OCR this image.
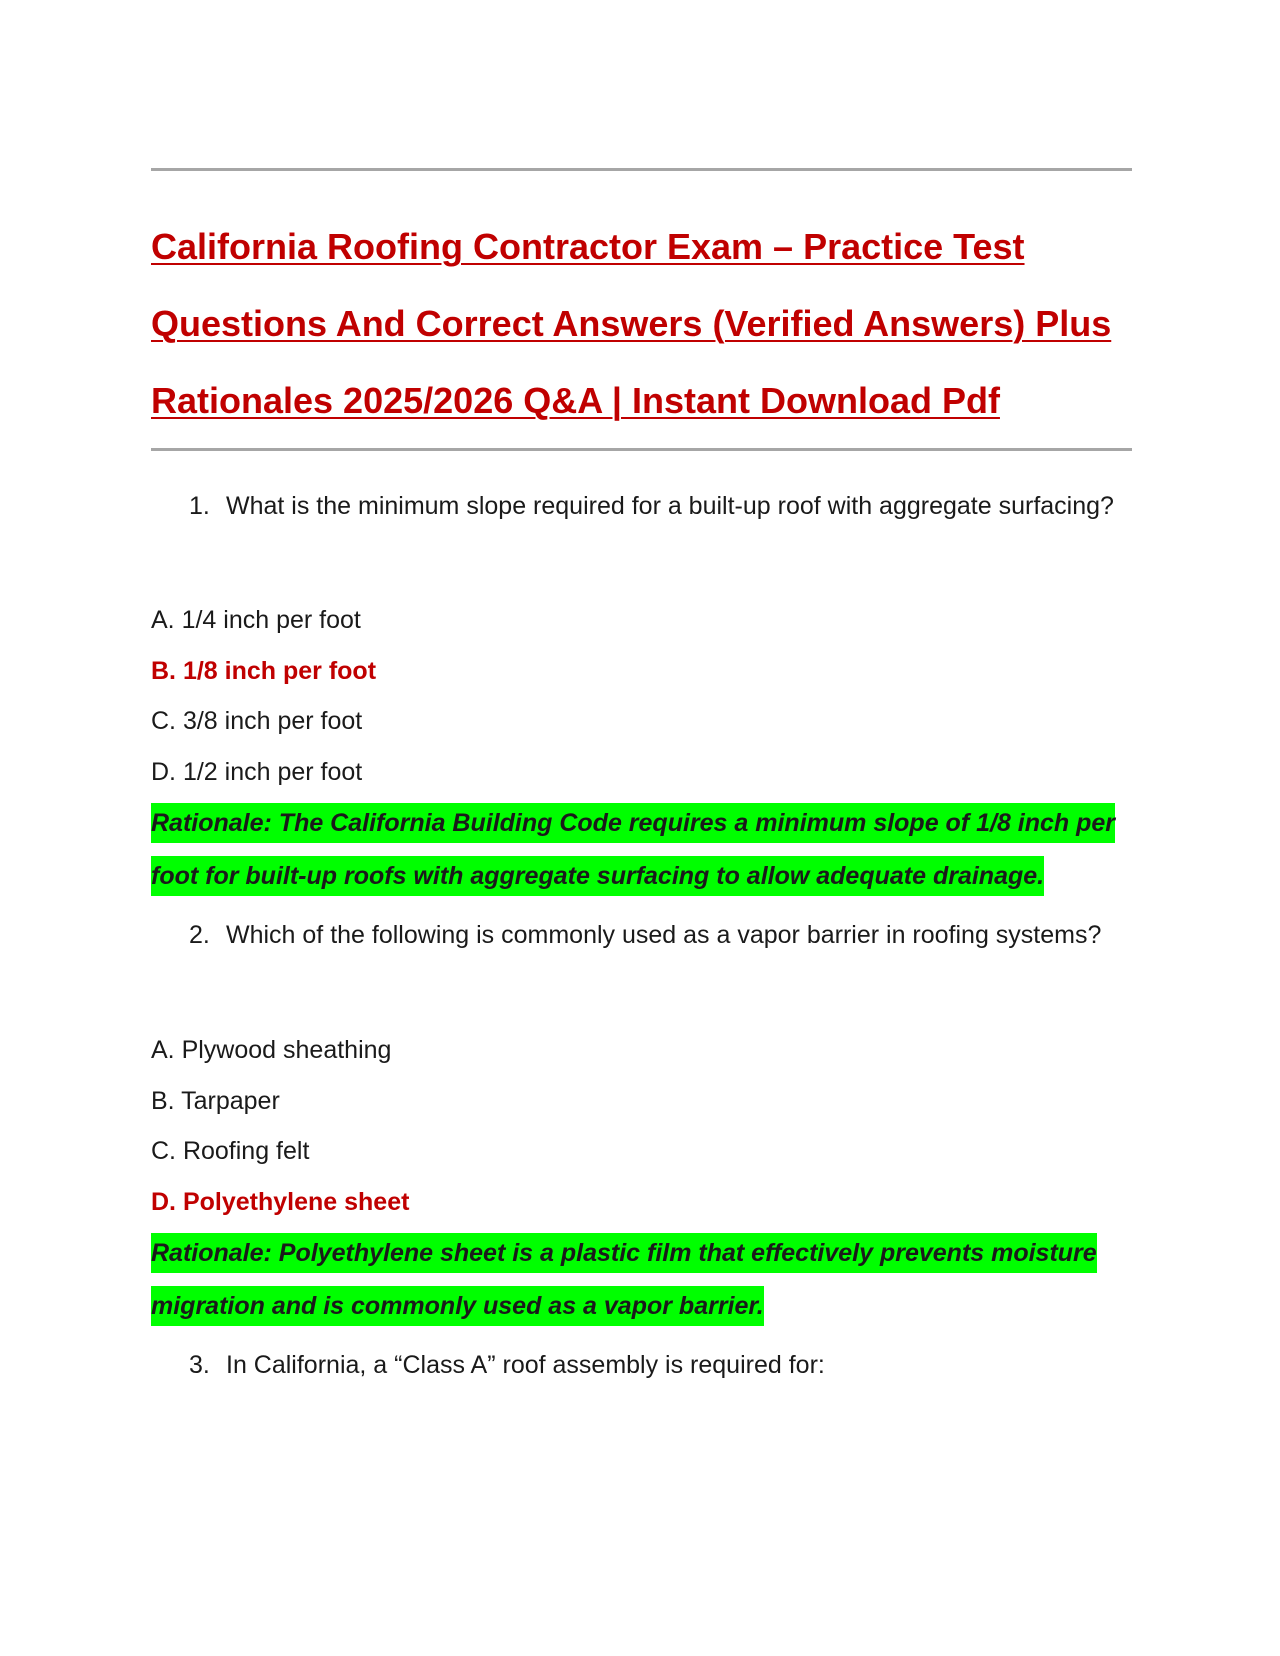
California Roofing Contractor Exam – Practice Test Questions And Correct Answers (Verified Answers) Plus Rationales 2025/2026 Q&A | Instant Download Pdf
1. What is the minimum slope required for a built-up roof with aggregate surfacing?
A. 1/4 inch per foot
B. 1/8 inch per foot
C. 3/8 inch per foot
D. 1/2 inch per foot
Rationale: The California Building Code requires a minimum slope of 1/8 inch per foot for built-up roofs with aggregate surfacing to allow adequate drainage.
2. Which of the following is commonly used as a vapor barrier in roofing systems?
A. Plywood sheathing
B. Tarpaper
C. Roofing felt
D. Polyethylene sheet
Rationale: Polyethylene sheet is a plastic film that effectively prevents moisture migration and is commonly used as a vapor barrier.
3. In California, a “Class A” roof assembly is required for:
